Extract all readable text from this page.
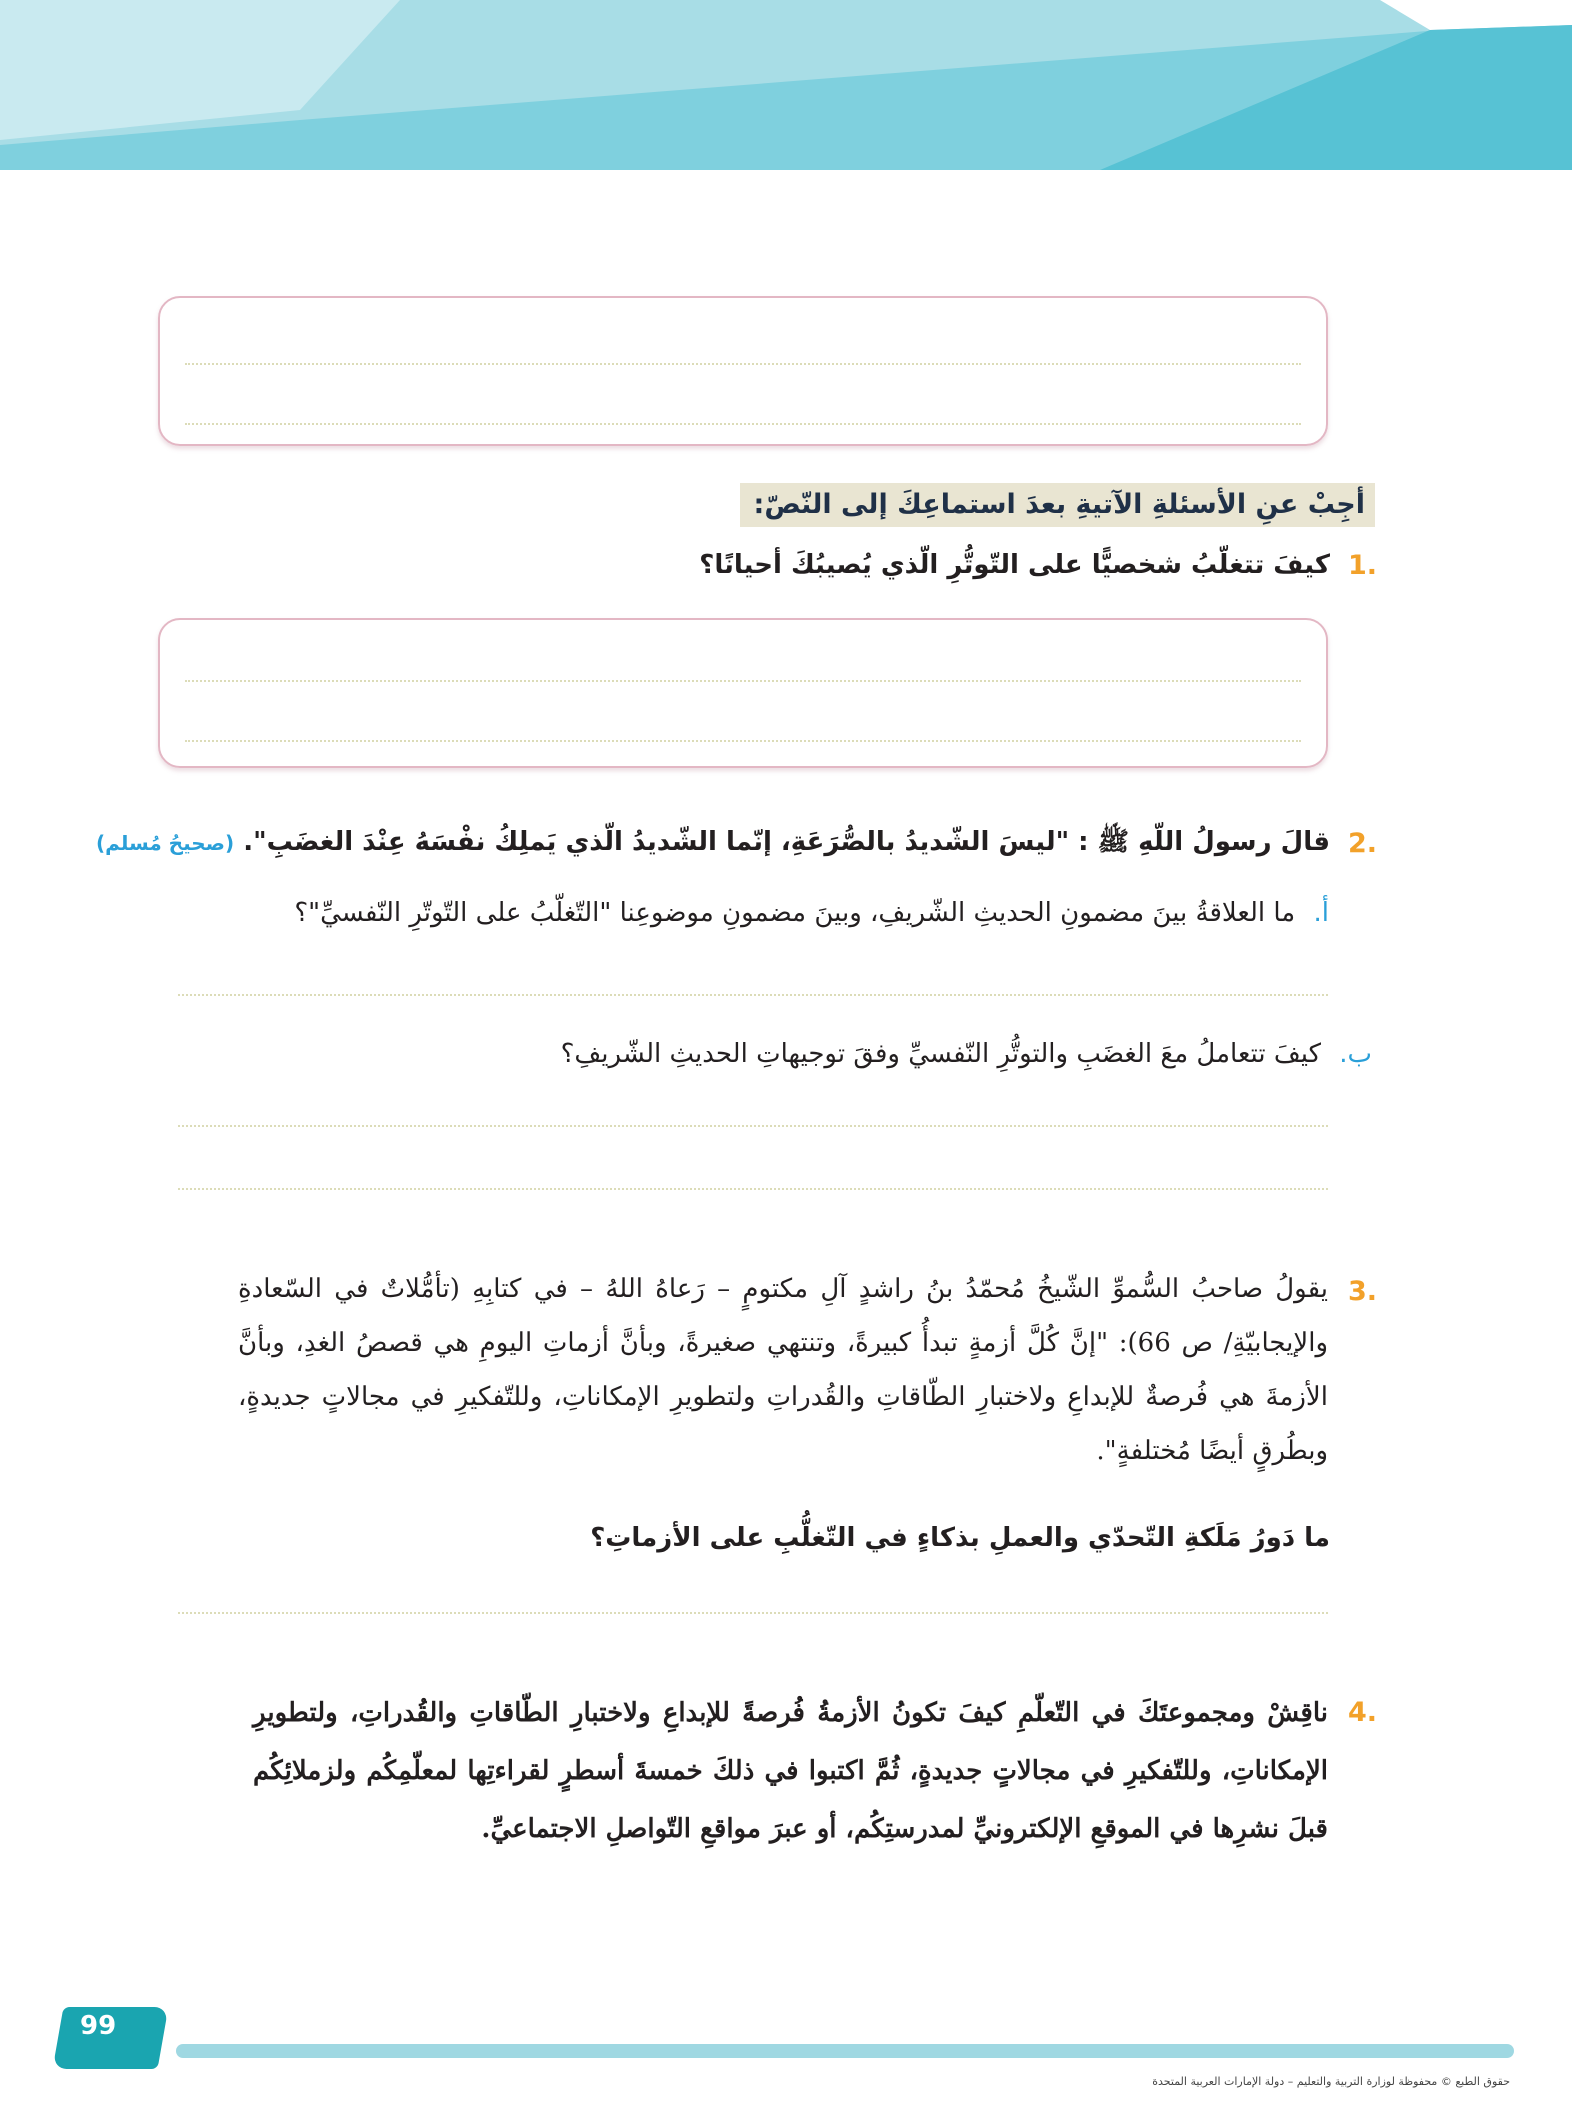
أجِبْ عنِ الأسئلةِ الآتيةِ بعدَ استماعِكَ إلى النّصّ:
.1
كيفَ تتغلّبُ شخصيًّا على التّوتُّرِ الّذي يُصيبُكَ أحيانًا؟
.2
قالَ رسولُ اللّهِ ﷺ : "ليسَ الشّديدُ بالصُّرَعَةِ، إنّما الشّديدُ الّذي يَملِكُ نفْسَهُ عِنْدَ الغضَبِ". (صحيحُ مُسلم)
أ. ما العلاقةُ بينَ مضمونِ الحديثِ الشّريفِ، وبينَ مضمونِ موضوعِنا "التّغلّبُ على التّوتّرِ النّفسيِّ"؟
ب. كيفَ تتعاملُ معَ الغضَبِ والتوتُّرِ النّفسيِّ وفقَ توجيهاتِ الحديثِ الشّريفِ؟
.3

يقولُ صاحبُ السُّموِّ الشّيخُ مُحمّدُ بنُ راشدٍ آلِ مكتومٍ – رَعاهُ اللهُ – في كتابِهِ (تأمُّلاتٌ في السّعادةِ والإيجابيّةِ/ ص 66): "إنَّ كُلَّ أزمةٍ تبدأُ كبيرةً، وتنتهي صغيرةً، وبأنَّ أزماتِ اليومِ هي قصصُ الغدِ، وبأنَّ الأزمةَ هي فُرصةٌ للإبداعِ ولاختبارِ الطّاقاتِ والقُدراتِ ولتطويرِ الإمكاناتِ، وللتّفكيرِ في مجالاتٍ جديدةٍ، وبطُرقٍ أيضًا مُختلفةٍ".

ما دَورُ مَلَكةِ التّحدّي والعملِ بذكاءٍ في التّغلُّبِ على الأزماتِ؟
.4

ناقِشْ ومجموعتَكَ في التّعلّمِ كيفَ تكونُ الأزمةُ فُرصةً للإبداعِ ولاختبارِ الطّاقاتِ والقُدراتِ، ولتطويرِ الإمكاناتِ، وللتّفكيرِ في مجالاتٍ جديدةٍ، ثُمَّ اكتبوا في ذلكَ خمسةَ أسطرٍ لقراءتِها لمعلّمِكُم ولزملائِكُم قبلَ نشرِها في الموقعِ الإلكترونيِّ لمدرستِكُم، أو عبرَ مواقعِ التّواصلِ الاجتماعيِّ.

99
حقوق الطبع © محفوظة لوزارة التربية والتعليم – دولة الإمارات العربية المتحدة
